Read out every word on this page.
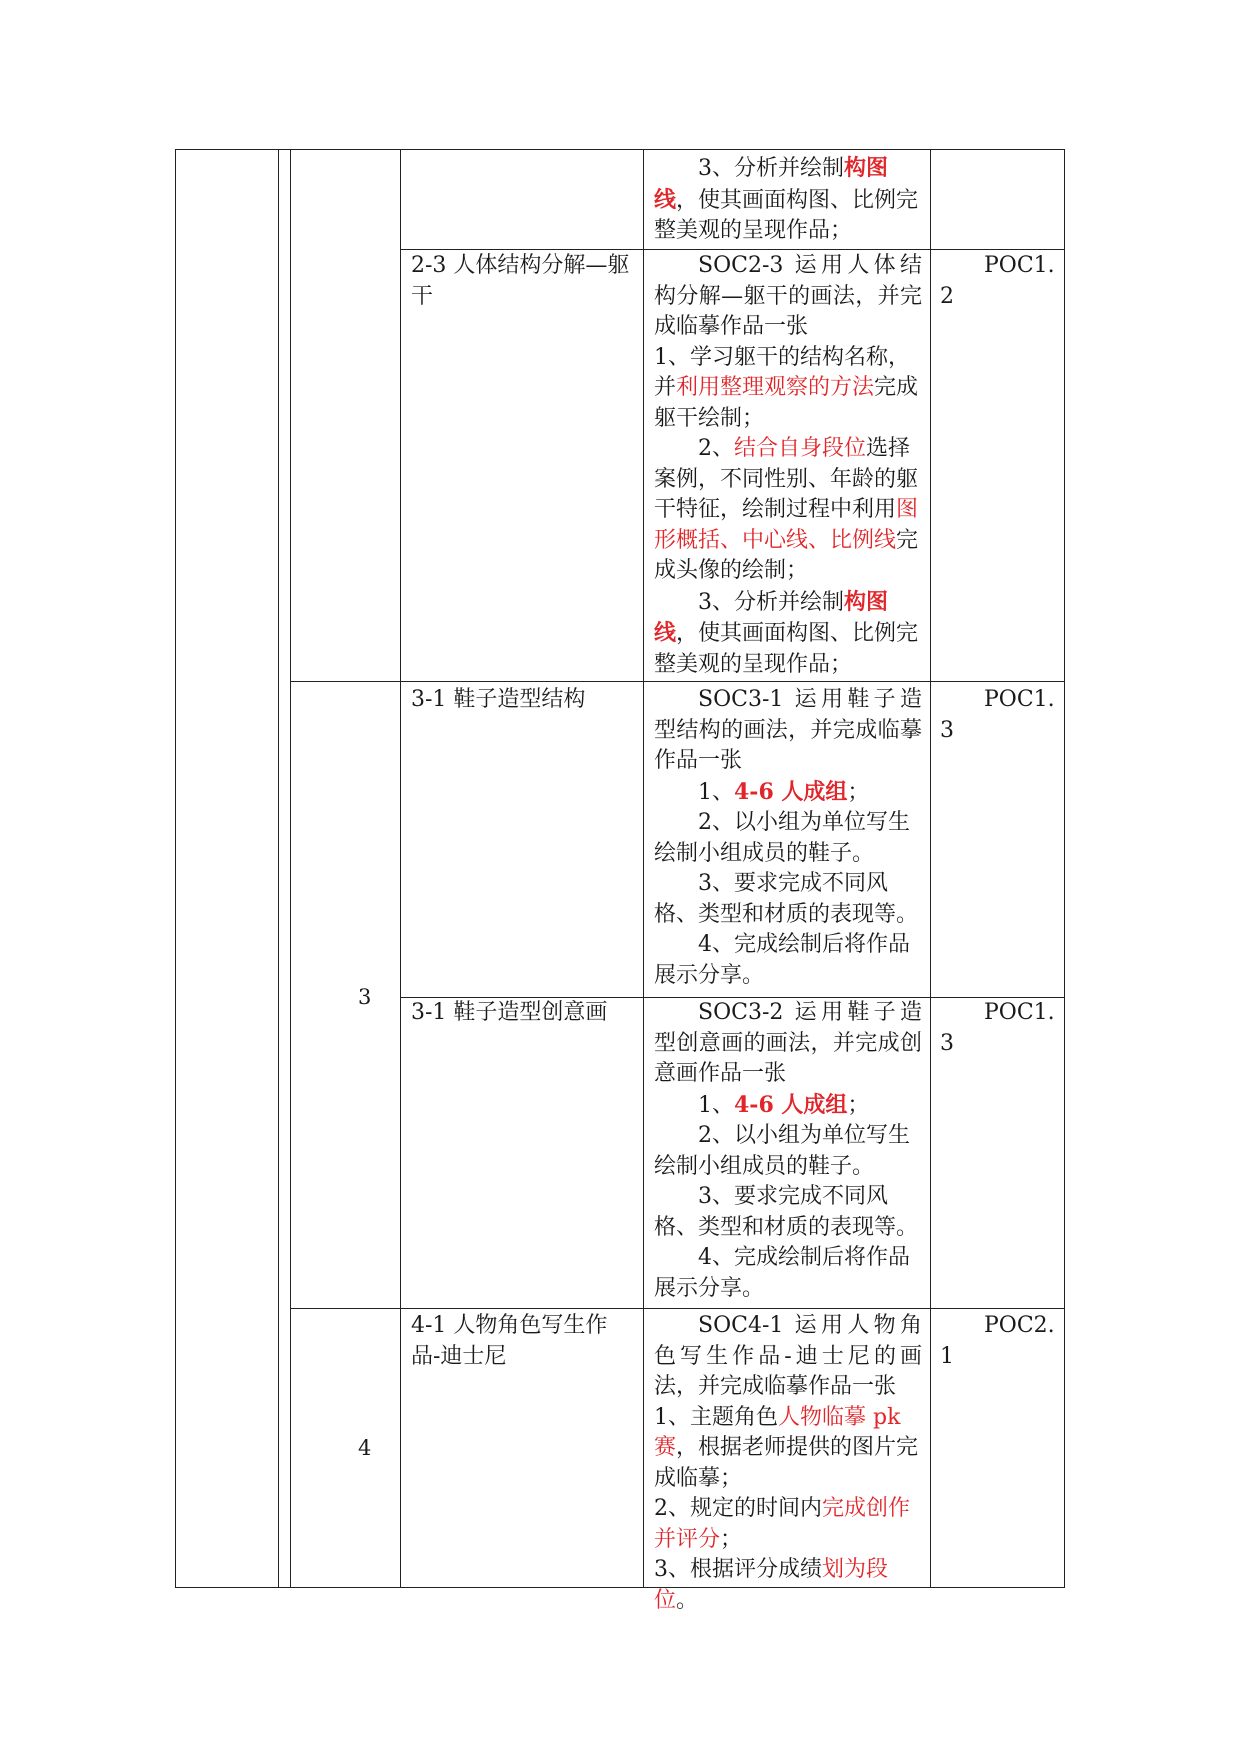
3
4
2-3 人体结构分解—躯干
3-1 鞋子造型结构
3-1 鞋子造型创意画
4-1 人物角色写生作品-迪士尼

3、分析并绘制构图线，使其画面构图、比例完整美观的呈现作品；

SOC2-3 运用人体结构分解—躯干的画法，并完成临摹作品一张

1、学习躯干的结构名称，并利用整理观察的方法完成躯干绘制；

2、结合自身段位选择案例，不同性别、年龄的躯干特征，绘制过程中利用图形概括、中心线、比例线完成头像的绘制；

3、分析并绘制构图线，使其画面构图、比例完整美观的呈现作品；

SOC3-1 运用鞋子造型结构的画法，并完成临摹作品一张

1、4-6 人成组；

2、以小组为单位写生绘制小组成员的鞋子。

3、要求完成不同风格、类型和材质的表现等。

4、完成绘制后将作品展示分享。

SOC3-2 运用鞋子造型创意画的画法，并完成创意画作品一张

1、4-6 人成组；

2、以小组为单位写生绘制小组成员的鞋子。

3、要求完成不同风格、类型和材质的表现等。

4、完成绘制后将作品展示分享。

SOC4-1 运用人物角色写生作品-迪士尼的画法，并完成临摹作品一张

1、主题角色人物临摹 pk 赛，根据老师提供的图片完成临摹；

2、规定的时间内完成创作并评分；

3、根据评分成绩划为段位。

POC1.2
POC1.3
POC1.3
POC2.1
